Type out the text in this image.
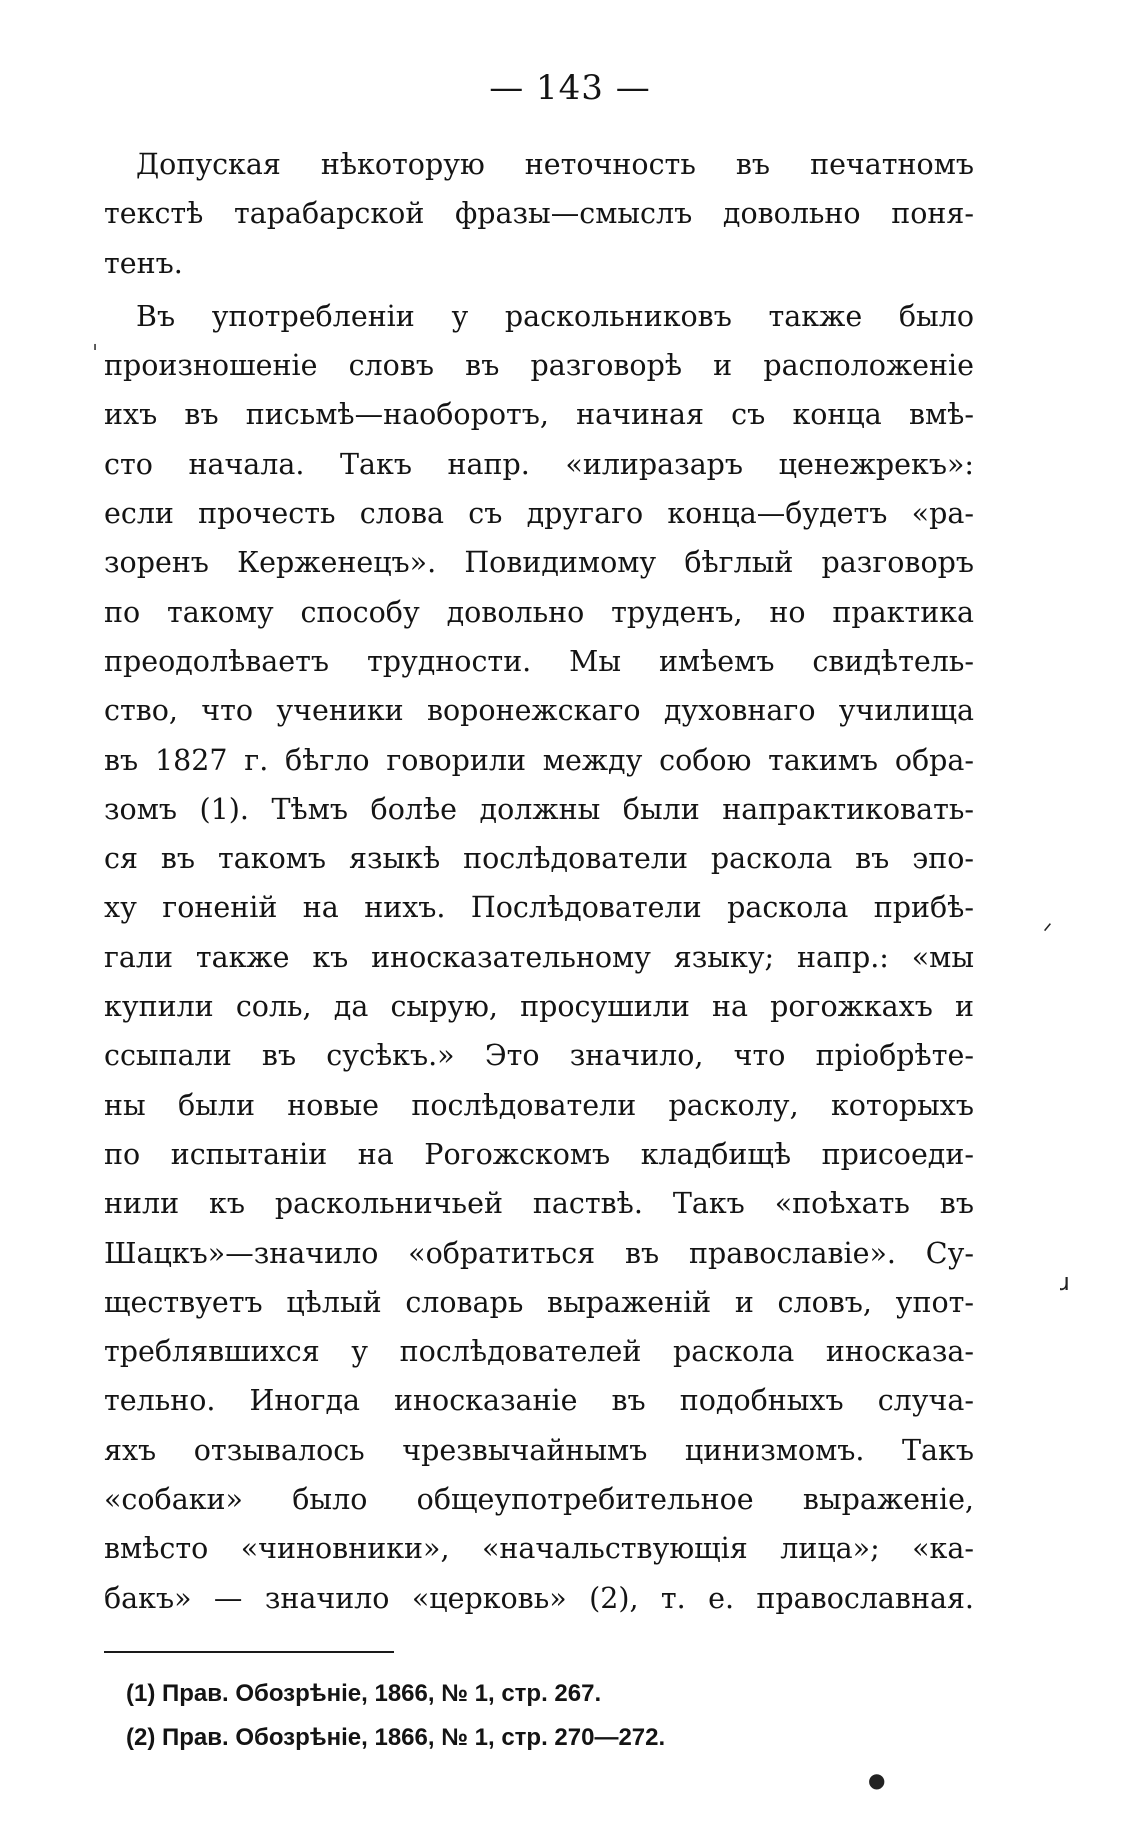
— 143 —
Допуская нѣкоторую неточность въ печатномъ
текстѣ тарабарской фразы—смыслъ довольно поня-
тенъ.
Въ употребленiи у раскольниковъ также было
произношенiе словъ въ разговорѣ и расположенiе
ихъ въ письмѣ—наоборотъ, начиная съ конца вмѣ-
сто начала. Такъ напр. «илиразаръ ценежрекъ»:
если прочесть слова съ другаго конца—будетъ «ра-
зоренъ Керженецъ». Повидимому бѣглый разговоръ
по такому способу довольно труденъ, но практика
преодолѣваетъ трудности. Мы имѣемъ свидѣтель-
ство, что ученики воронежскаго духовнаго училища
въ 1827 г. бѣгло говорили между собою такимъ обра-
зомъ (1). Тѣмъ болѣе должны были напрактиковать-
ся въ такомъ языкѣ послѣдователи раскола въ эпо-
ху гоненiй на нихъ. Послѣдователи раскола прибѣ-
гали также къ иносказательному языку; напр.: «мы
купили соль, да сырую, просушили на рогожкахъ и
ссыпали въ сусѣкъ.» Это значило, что прiобрѣте-
ны были новые послѣдователи расколу, которыхъ
по испытанiи на Рогожскомъ кладбищѣ присоеди-
нили къ раскольничьей паствѣ. Такъ «поѣхать въ
Шацкъ»—значило «обратиться въ православiе». Су-
ществуетъ цѣлый словарь выраженiй и словъ, упот-
треблявшихся у послѣдователей раскола иносказа-
тельно. Иногда иносказанiе въ подобныхъ случа-
яхъ отзывалось чрезвычайнымъ цинизмомъ. Такъ
«собаки» было общеупотребительное выраженiе,
вмѣсто «чиновники», «начальствующiя лица»; «ка-
бакъ» — значило «церковь» (2), т. е. православная.
(1) Прав. Обозрѣнiе, 1866, № 1, стр. 267.
(2) Прав. Обозрѣнiе, 1866, № 1, стр. 270—272.
ˈ
ᐟ
ɹ
●
